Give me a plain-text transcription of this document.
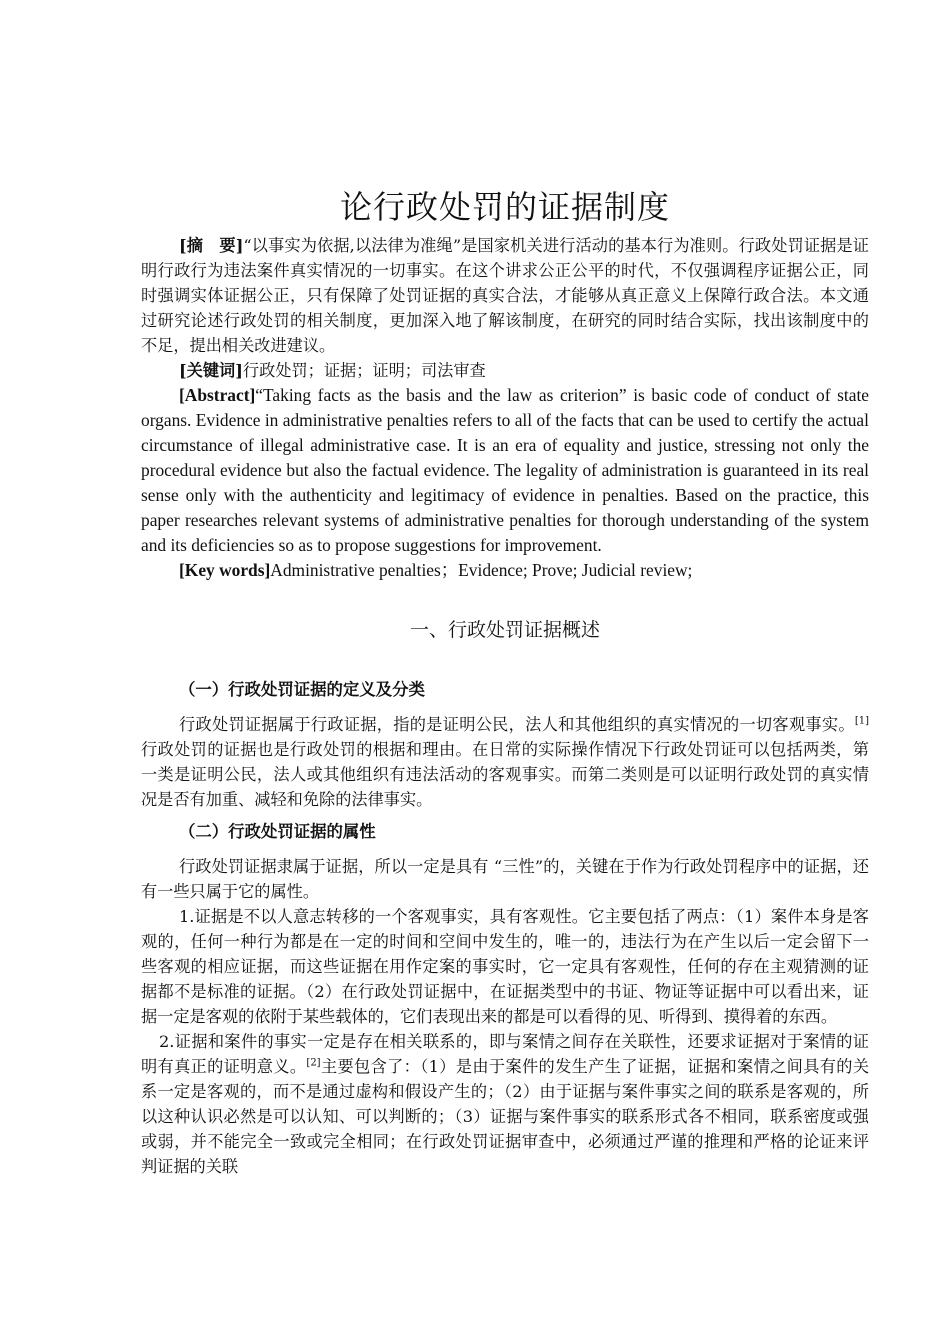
论行政处罚的证据制度

[摘　要]“以事实为依据,以法律为准绳”是国家机关进行活动的基本行为准则。行政处罚证据是证明行政行为违法案件真实情况的一切事实。在这个讲求公正公平的时代，不仅强调程序证据公正，同时强调实体证据公正，只有保障了处罚证据的真实合法，才能够从真正意义上保障行政合法。本文通过研究论述行政处罚的相关制度，更加深入地了解该制度，在研究的同时结合实际，找出该制度中的不足，提出相关改进建议。

[关键词]行政处罚；证据；证明；司法审查

[Abstract]“Taking facts as the basis and the law as criterion” is basic code of conduct of state organs. Evidence in administrative penalties refers to all of the facts that can be used to certify the actual circumstance of illegal administrative case. It is an era of equality and justice, stressing not only the procedural evidence but also the factual evidence. The legality of administration is guaranteed in its real sense only with the authenticity and legitimacy of evidence in penalties. Based on the practice, this paper researches relevant systems of administrative penalties for thorough understanding of the system and its deficiencies so as to propose suggestions for improvement.

[Key words]Administrative penalties；Evidence; Prove; Judicial review;

一、行政处罚证据概述
（一）行政处罚证据的定义及分类

行政处罚证据属于行政证据，指的是证明公民，法人和其他组织的真实情况的一切客观事实。[1]行政处罚的证据也是行政处罚的根据和理由。在日常的实际操作情况下行政处罚证可以包括两类，第一类是证明公民，法人或其他组织有违法活动的客观事实。而第二类则是可以证明行政处罚的真实情况是否有加重、减轻和免除的法律事实。

（二）行政处罚证据的属性

行政处罚证据隶属于证据，所以一定是具有 “三性”的，关键在于作为行政处罚程序中的证据，还有一些只属于它的属性。

1.证据是不以人意志转移的一个客观事实，具有客观性。它主要包括了两点：（1）案件本身是客观的，任何一种行为都是在一定的时间和空间中发生的，唯一的，违法行为在产生以后一定会留下一些客观的相应证据，而这些证据在用作定案的事实时，它一定具有客观性，任何的存在主观猜测的证据都不是标准的证据。（2）在行政处罚证据中，在证据类型中的书证、物证等证据中可以看出来，证据一定是客观的依附于某些载体的，它们表现出来的都是可以看得的见、听得到、摸得着的东西。

2.证据和案件的事实一定是存在相关联系的，即与案情之间存在关联性，还要求证据对于案情的证明有真正的证明意义。[2]主要包含了：（1）是由于案件的发生产生了证据，证据和案情之间具有的关系一定是客观的，而不是通过虚构和假设产生的；（2）由于证据与案件事实之间的联系是客观的，所以这种认识必然是可以认知、可以判断的；（3）证据与案件事实的联系形式各不相同，联系密度或强或弱，并不能完全一致或完全相同；在行政处罚证据审查中，必须通过严谨的推理和严格的论证来评判证据的关联
